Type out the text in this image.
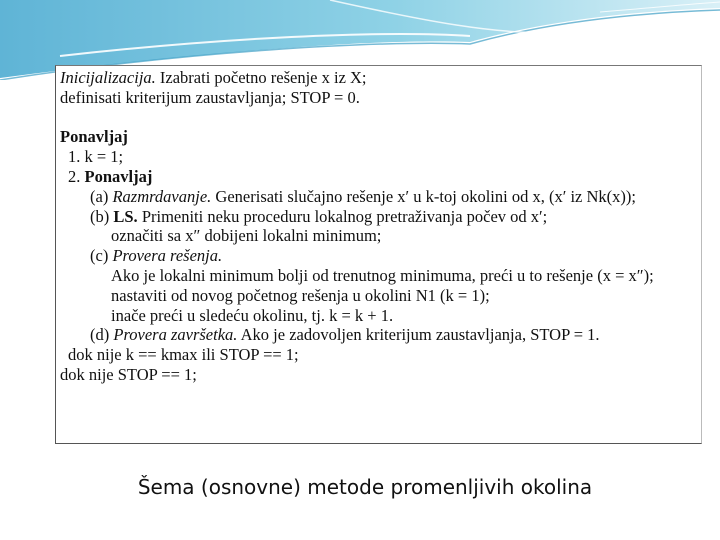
Inicijalizacija. Izabrati početno rešenje x iz X;
definisati kriterijum zaustavljanja; STOP = 0.
Ponavljaj
1. k = 1;
2. Ponavljaj
(a) Razmrdavanje. Generisati slučajno rešenje x′ u k-toj okolini od x, (x′ iz Nk(x));
(b) LS. Primeniti neku proceduru lokalnog pretraživanja počev od x′;
označiti sa x″ dobijeni lokalni minimum;
(c) Provera rešenja.
Ako je lokalni minimum bolji od trenutnog minimuma, preći u to rešenje (x = x″);
nastaviti od novog početnog rešenja u okolini N1 (k = 1);
inače preći u sledeću okolinu, tj. k = k + 1.
(d) Provera završetka. Ako je zadovoljen kriterijum zaustavljanja, STOP = 1.
dok nije k == kmax ili STOP == 1;
dok nije STOP == 1;
Šema (osnovne) metode promenljivih okolina
